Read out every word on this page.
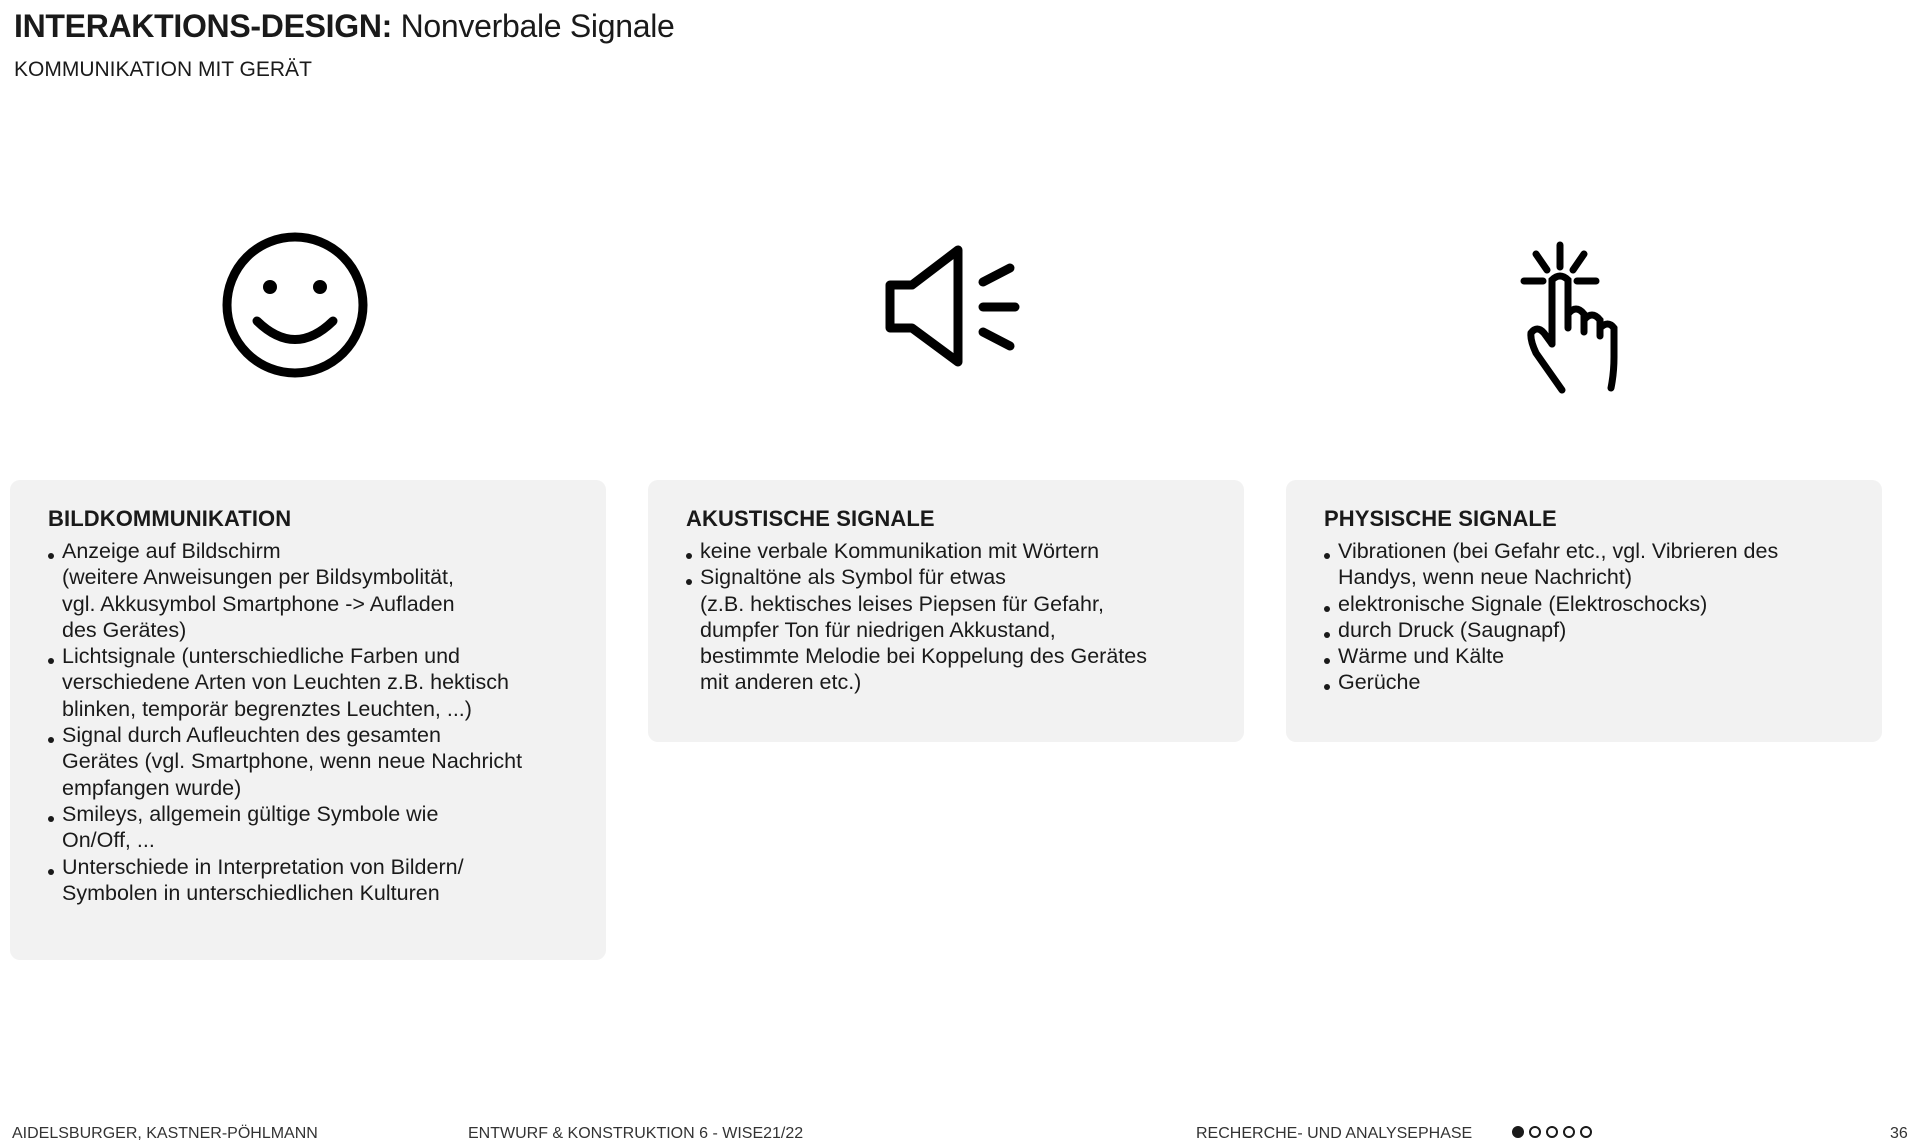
INTERAKTIONS-DESIGN: Nonverbale Signale
KOMMUNIKATION MIT GERÄT
BILDKOMMUNIKATION
Anzeige auf Bildschirm
(weitere Anweisungen per Bildsymbolität,
vgl. Akkusymbol Smartphone -> Aufladen
des Gerätes)
Lichtsignale (unterschiedliche Farben und
verschiedene Arten von Leuchten z.B. hektisch
blinken, temporär begrenztes Leuchten, ...)
Signal durch Aufleuchten des gesamten
Gerätes (vgl. Smartphone, wenn neue Nachricht
empfangen wurde)
Smileys, allgemein gültige Symbole wie
On/Off, ...
Unterschiede in Interpretation von Bildern/
Symbolen in unterschiedlichen Kulturen
AKUSTISCHE SIGNALE
keine verbale Kommunikation mit Wörtern
Signaltöne als Symbol für etwas
(z.B. hektisches leises Piepsen für Gefahr,
dumpfer Ton für niedrigen Akkustand,
bestimmte Melodie bei Koppelung des Gerätes
mit anderen etc.)
PHYSISCHE SIGNALE
Vibrationen (bei Gefahr etc., vgl. Vibrieren des
Handys, wenn neue Nachricht)
elektronische Signale (Elektroschocks)
durch Druck (Saugnapf)
Wärme und Kälte
Gerüche
AIDELSBURGER, KASTNER-PÖHLMANN	ENTWURF & KONSTRUKTION 6 - WISE21/22	RECHERCHE- UND ANALYSEPHASE	36
